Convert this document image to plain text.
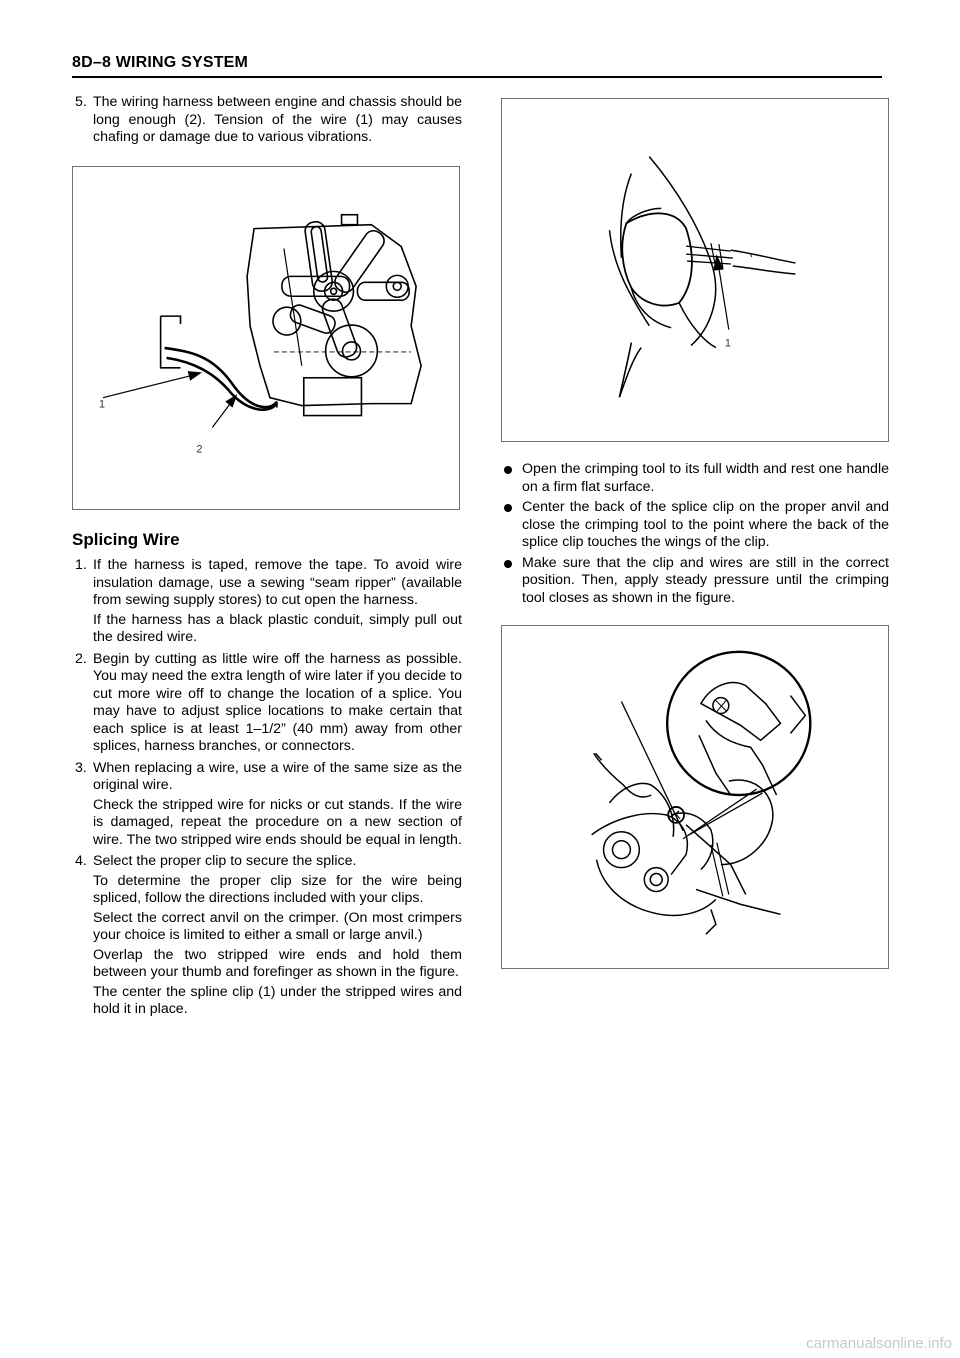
8D–8 WIRING SYSTEM
5. The wiring harness between engine and chassis should be long enough (2). Tension of the wire (1) may causes chafing or damage due to various vibrations.

1
2
Splicing Wire
1. If the harness is taped, remove the tape. To avoid wire insulation damage, use a sewing “seam ripper” (available from sewing supply stores) to cut open the harness.

If the harness has a black plastic conduit, simply pull out the desired wire.

2. Begin by cutting as little wire off the harness as possible. You may need the extra length of wire later if you decide to cut more wire off to change the location of a splice. You may have to adjust splice locations to make certain that each splice is at least 1–1/2” (40 mm) away from other splices, harness branches, or connectors.

3. When replacing a wire, use a wire of the same size as the original wire.

Check the stripped wire for nicks or cut stands. If the wire is damaged, repeat the procedure on a new section of wire. The two stripped wire ends should be equal in length.

4. Select the proper clip to secure the splice.

To determine the proper clip size for the wire being spliced, follow the directions included with your clips.

Select the correct anvil on the crimper. (On most crimpers your choice is limited to either a small or large anvil.)

Overlap the two stripped wire ends and hold them between your thumb and forefinger as shown in the figure.

The center the spline clip (1) under the stripped wires and hold it in place.

1
Open the crimping tool to its full width and rest one handle on a firm flat surface.
Center the back of the splice clip on the proper anvil and close the crimping tool to the point where the back of the splice clip touches the wings of the clip.
Make sure that the clip and wires are still in the correct position. Then, apply steady pressure until the crimping tool closes as shown in the figure.
carmanualsonline.info
